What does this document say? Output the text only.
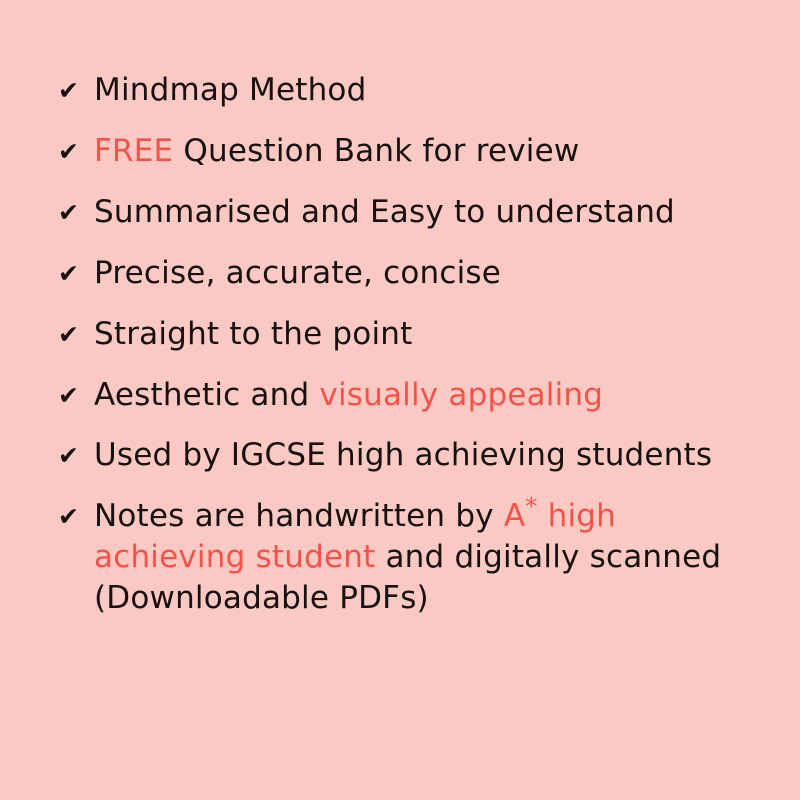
✔ Mindmap Method
✔ FREE Question Bank for review
✔ Summarised and Easy to understand
✔ Precise, accurate, concise
✔ Straight to the point
✔ Aesthetic and visually appealing
✔ Used by IGCSE high achieving students
✔ Notes are handwritten by A* high achieving student and digitally scanned (Downloadable PDFs)
